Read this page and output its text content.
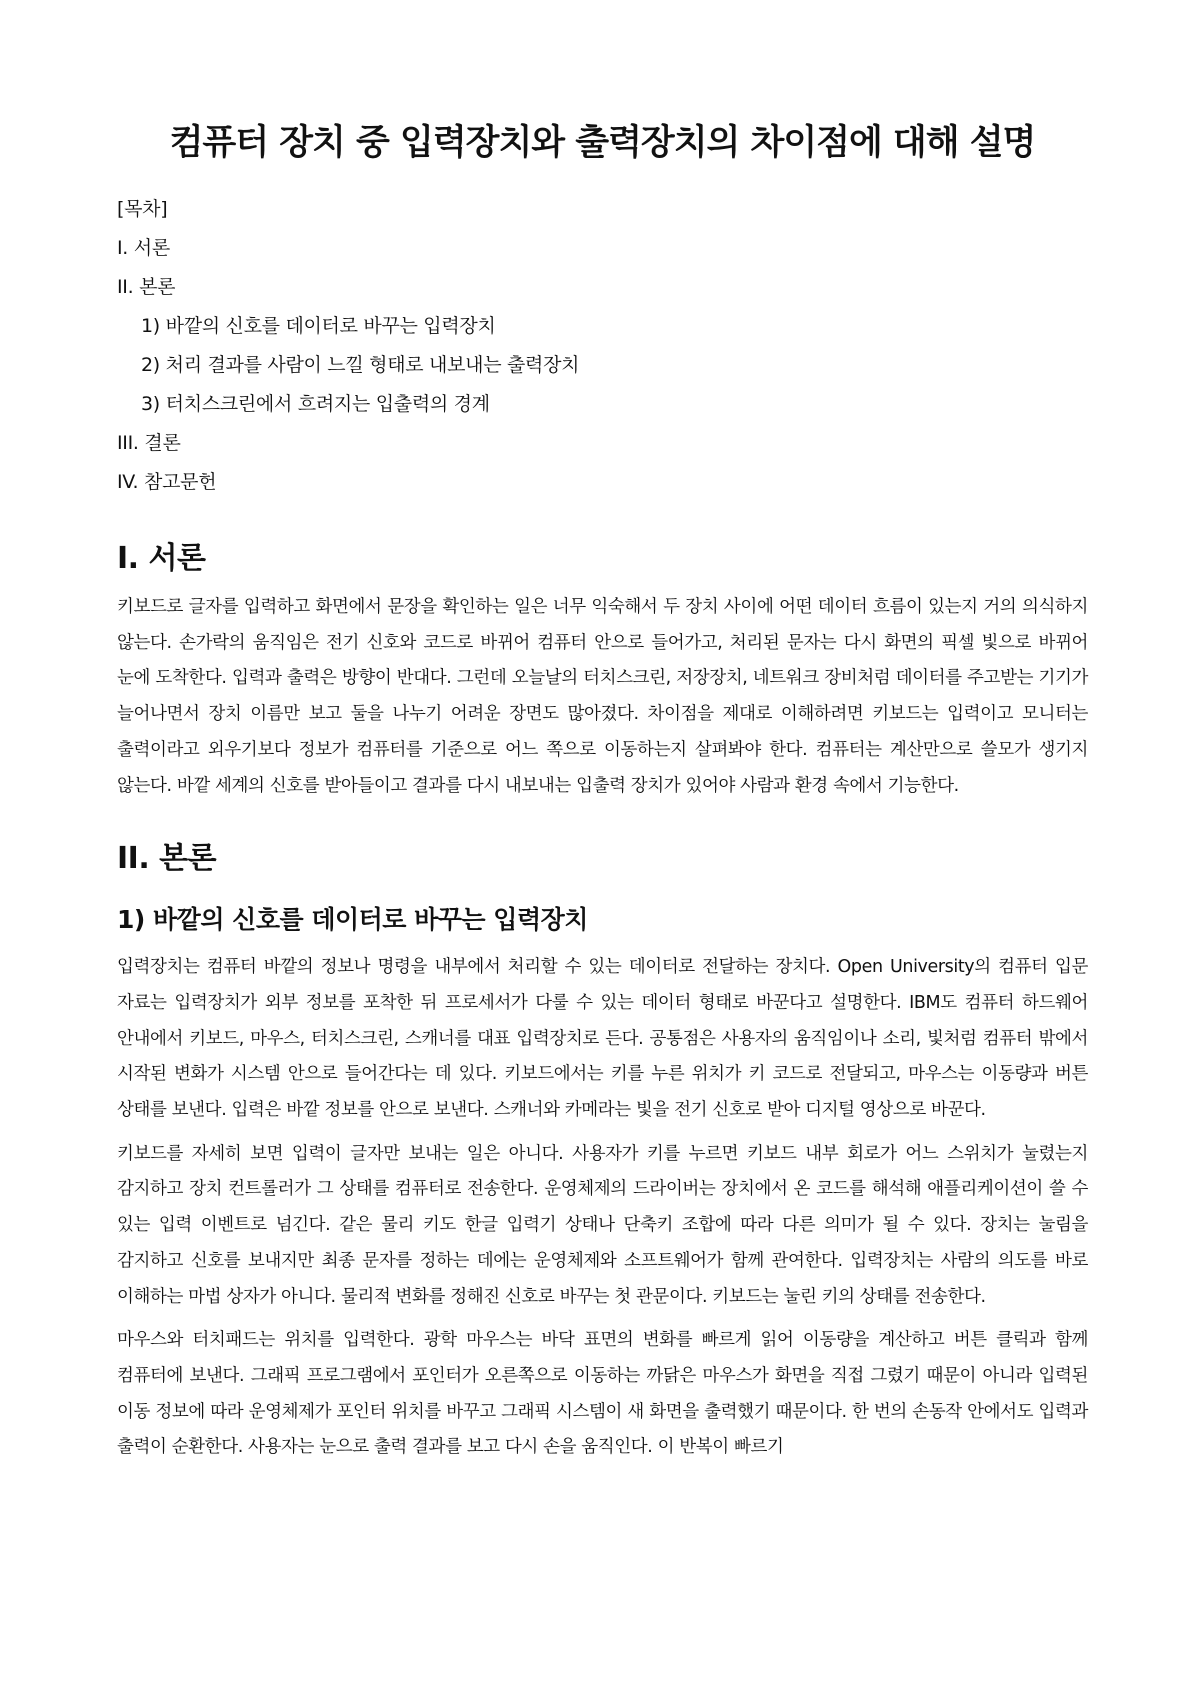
컴퓨터 장치 중 입력장치와 출력장치의 차이점에 대해 설명

[목차]

I. 서론

II. 본론

1) 바깥의 신호를 데이터로 바꾸는 입력장치

2) 처리 결과를 사람이 느낄 형태로 내보내는 출력장치

3) 터치스크린에서 흐려지는 입출력의 경계

III. 결론

IV. 참고문헌

I. 서론

키보드로 글자를 입력하고 화면에서 문장을 확인하는 일은 너무 익숙해서 두 장치 사이에 어떤 데이터 흐름이 있는지 거의 의식하지 않는다. 손가락의 움직임은 전기 신호와 코드로 바뀌어 컴퓨터 안으로 들어가고, 처리된 문자는 다시 화면의 픽셀 빛으로 바뀌어 눈에 도착한다. 입력과 출력은 방향이 반대다. 그런데 오늘날의 터치스크린, 저장장치, 네트워크 장비처럼 데이터를 주고받는 기기가 늘어나면서 장치 이름만 보고 둘을 나누기 어려운 장면도 많아졌다. 차이점을 제대로 이해하려면 키보드는 입력이고 모니터는 출력이라고 외우기보다 정보가 컴퓨터를 기준으로 어느 쪽으로 이동하는지 살펴봐야 한다. 컴퓨터는 계산만으로 쓸모가 생기지 않는다. 바깥 세계의 신호를 받아들이고 결과를 다시 내보내는 입출력 장치가 있어야 사람과 환경 속에서 기능한다.

II. 본론
1) 바깥의 신호를 데이터로 바꾸는 입력장치

입력장치는 컴퓨터 바깥의 정보나 명령을 내부에서 처리할 수 있는 데이터로 전달하는 장치다. Open University의 컴퓨터 입문 자료는 입력장치가 외부 정보를 포착한 뒤 프로세서가 다룰 수 있는 데이터 형태로 바꾼다고 설명한다. IBM도 컴퓨터 하드웨어 안내에서 키보드, 마우스, 터치스크린, 스캐너를 대표 입력장치로 든다. 공통점은 사용자의 움직임이나 소리, 빛처럼 컴퓨터 밖에서 시작된 변화가 시스템 안으로 들어간다는 데 있다. 키보드에서는 키를 누른 위치가 키 코드로 전달되고, 마우스는 이동량과 버튼 상태를 보낸다. 입력은 바깥 정보를 안으로 보낸다. 스캐너와 카메라는 빛을 전기 신호로 받아 디지털 영상으로 바꾼다.

키보드를 자세히 보면 입력이 글자만 보내는 일은 아니다. 사용자가 키를 누르면 키보드 내부 회로가 어느 스위치가 눌렸는지 감지하고 장치 컨트롤러가 그 상태를 컴퓨터로 전송한다. 운영체제의 드라이버는 장치에서 온 코드를 해석해 애플리케이션이 쓸 수 있는 입력 이벤트로 넘긴다. 같은 물리 키도 한글 입력기 상태나 단축키 조합에 따라 다른 의미가 될 수 있다. 장치는 눌림을 감지하고 신호를 보내지만 최종 문자를 정하는 데에는 운영체제와 소프트웨어가 함께 관여한다. 입력장치는 사람의 의도를 바로 이해하는 마법 상자가 아니다. 물리적 변화를 정해진 신호로 바꾸는 첫 관문이다. 키보드는 눌린 키의 상태를 전송한다.

마우스와 터치패드는 위치를 입력한다. 광학 마우스는 바닥 표면의 변화를 빠르게 읽어 이동량을 계산하고 버튼 클릭과 함께 컴퓨터에 보낸다. 그래픽 프로그램에서 포인터가 오른쪽으로 이동하는 까닭은 마우스가 화면을 직접 그렸기 때문이 아니라 입력된 이동 정보에 따라 운영체제가 포인터 위치를 바꾸고 그래픽 시스템이 새 화면을 출력했기 때문이다. 한 번의 손동작 안에서도 입력과 출력이 순환한다. 사용자는 눈으로 출력 결과를 보고 다시 손을 움직인다. 이 반복이 빠르기
